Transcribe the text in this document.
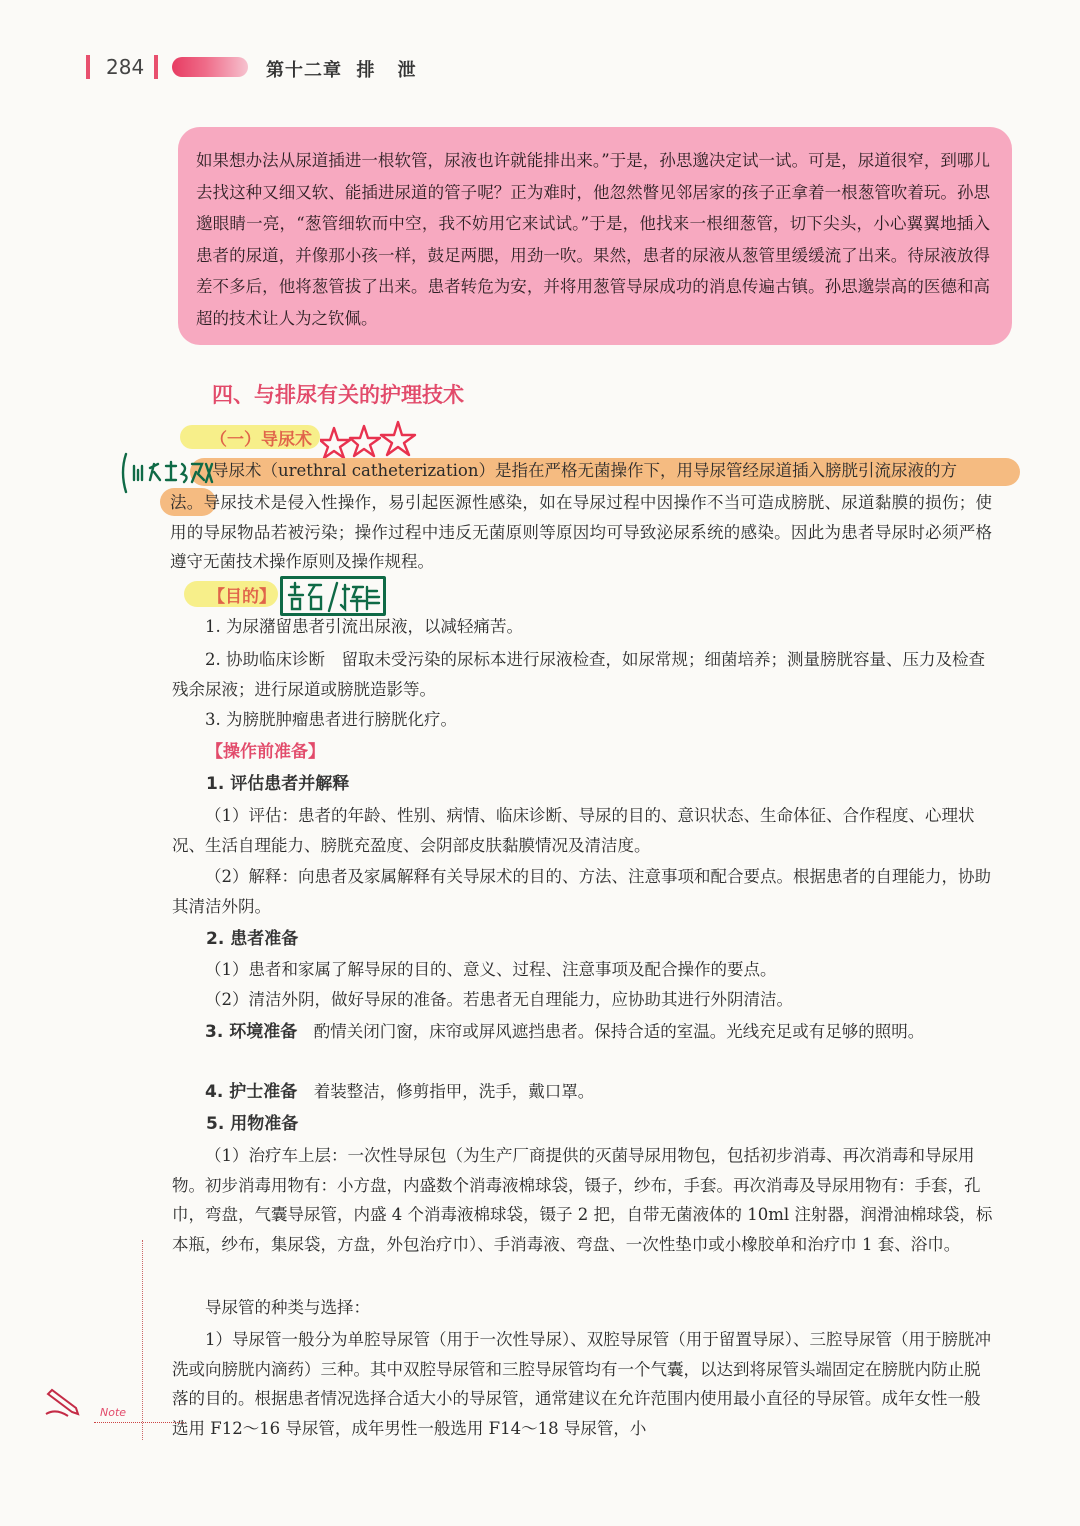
284	第十二章 排 泄

如果想办法从尿道插进一根软管，尿液也许就能排出来。”于是，孙思邈决定试一试。可是，尿道很窄，到哪儿去找这种又细又软、能插进尿道的管子呢？正为难时，他忽然瞥见邻居家的孩子正拿着一根葱管吹着玩。孙思邈眼睛一亮，“葱管细软而中空，我不妨用它来试试。”于是，他找来一根细葱管，切下尖头，小心翼翼地插入患者的尿道，并像那小孩一样，鼓足两腮，用劲一吹。果然，患者的尿液从葱管里缓缓流了出来。待尿液放得差不多后，他将葱管拔了出来。患者转危为安，并将用葱管导尿成功的消息传遍古镇。孙思邈崇高的医德和高超的技术让人为之钦佩。

四、与排尿有关的护理技术
（一）导尿术

导尿术（urethral catheterization）是指在严格无菌操作下，用导尿管经尿道插入膀胱引流尿液的方

法。导尿技术是侵入性操作，易引起医源性感染，如在导尿过程中因操作不当可造成膀胱、尿道黏膜的损伤；使用的导尿物品若被污染；操作过程中违反无菌原则等原因均可导致泌尿系统的感染。因此为患者导尿时必须严格遵守无菌技术操作原则及操作规程。

【目的】

1. 为尿潴留患者引流出尿液，以减轻痛苦。

2. 协助临床诊断　留取未受污染的尿标本进行尿液检查，如尿常规；细菌培养；测量膀胱容量、压力及检查残余尿液；进行尿道或膀胱造影等。

3. 为膀胱肿瘤患者进行膀胱化疗。

【操作前准备】
1. 评估患者并解释

（1）评估：患者的年龄、性别、病情、临床诊断、导尿的目的、意识状态、生命体征、合作程度、心理状况、生活自理能力、膀胱充盈度、会阴部皮肤黏膜情况及清洁度。

（2）解释：向患者及家属解释有关导尿术的目的、方法、注意事项和配合要点。根据患者的自理能力，协助其清洁外阴。

2. 患者准备

（1）患者和家属了解导尿的目的、意义、过程、注意事项及配合操作的要点。

（2）清洁外阴，做好导尿的准备。若患者无自理能力，应协助其进行外阴清洁。

3. 环境准备　 酌情关闭门窗，床帘或屏风遮挡患者。保持合适的室温。光线充足或有足够的照明。

4. 护士准备　 着装整洁，修剪指甲，洗手，戴口罩。

5. 用物准备

（1）治疗车上层：一次性导尿包（为生产厂商提供的灭菌导尿用物包，包括初步消毒、再次消毒和导尿用物。初步消毒用物有：小方盘，内盛数个消毒液棉球袋，镊子，纱布，手套。再次消毒及导尿用物有：手套，孔巾，弯盘，气囊导尿管，内盛 4 个消毒液棉球袋，镊子 2 把，自带无菌液体的 10ml 注射器，润滑油棉球袋，标本瓶，纱布，集尿袋，方盘，外包治疗巾）、手消毒液、弯盘、一次性垫巾或小橡胶单和治疗巾 1 套、浴巾。

导尿管的种类与选择：

1）导尿管一般分为单腔导尿管（用于一次性导尿）、双腔导尿管（用于留置导尿）、三腔导尿管（用于膀胱冲洗或向膀胱内滴药）三种。其中双腔导尿管和三腔导尿管均有一个气囊，以达到将尿管头端固定在膀胱内防止脱落的目的。根据患者情况选择合适大小的导尿管，通常建议在允许范围内使用最小直径的导尿管。成年女性一般选用 F12～16 导尿管，成年男性一般选用 F14～18 导尿管，小

Note
